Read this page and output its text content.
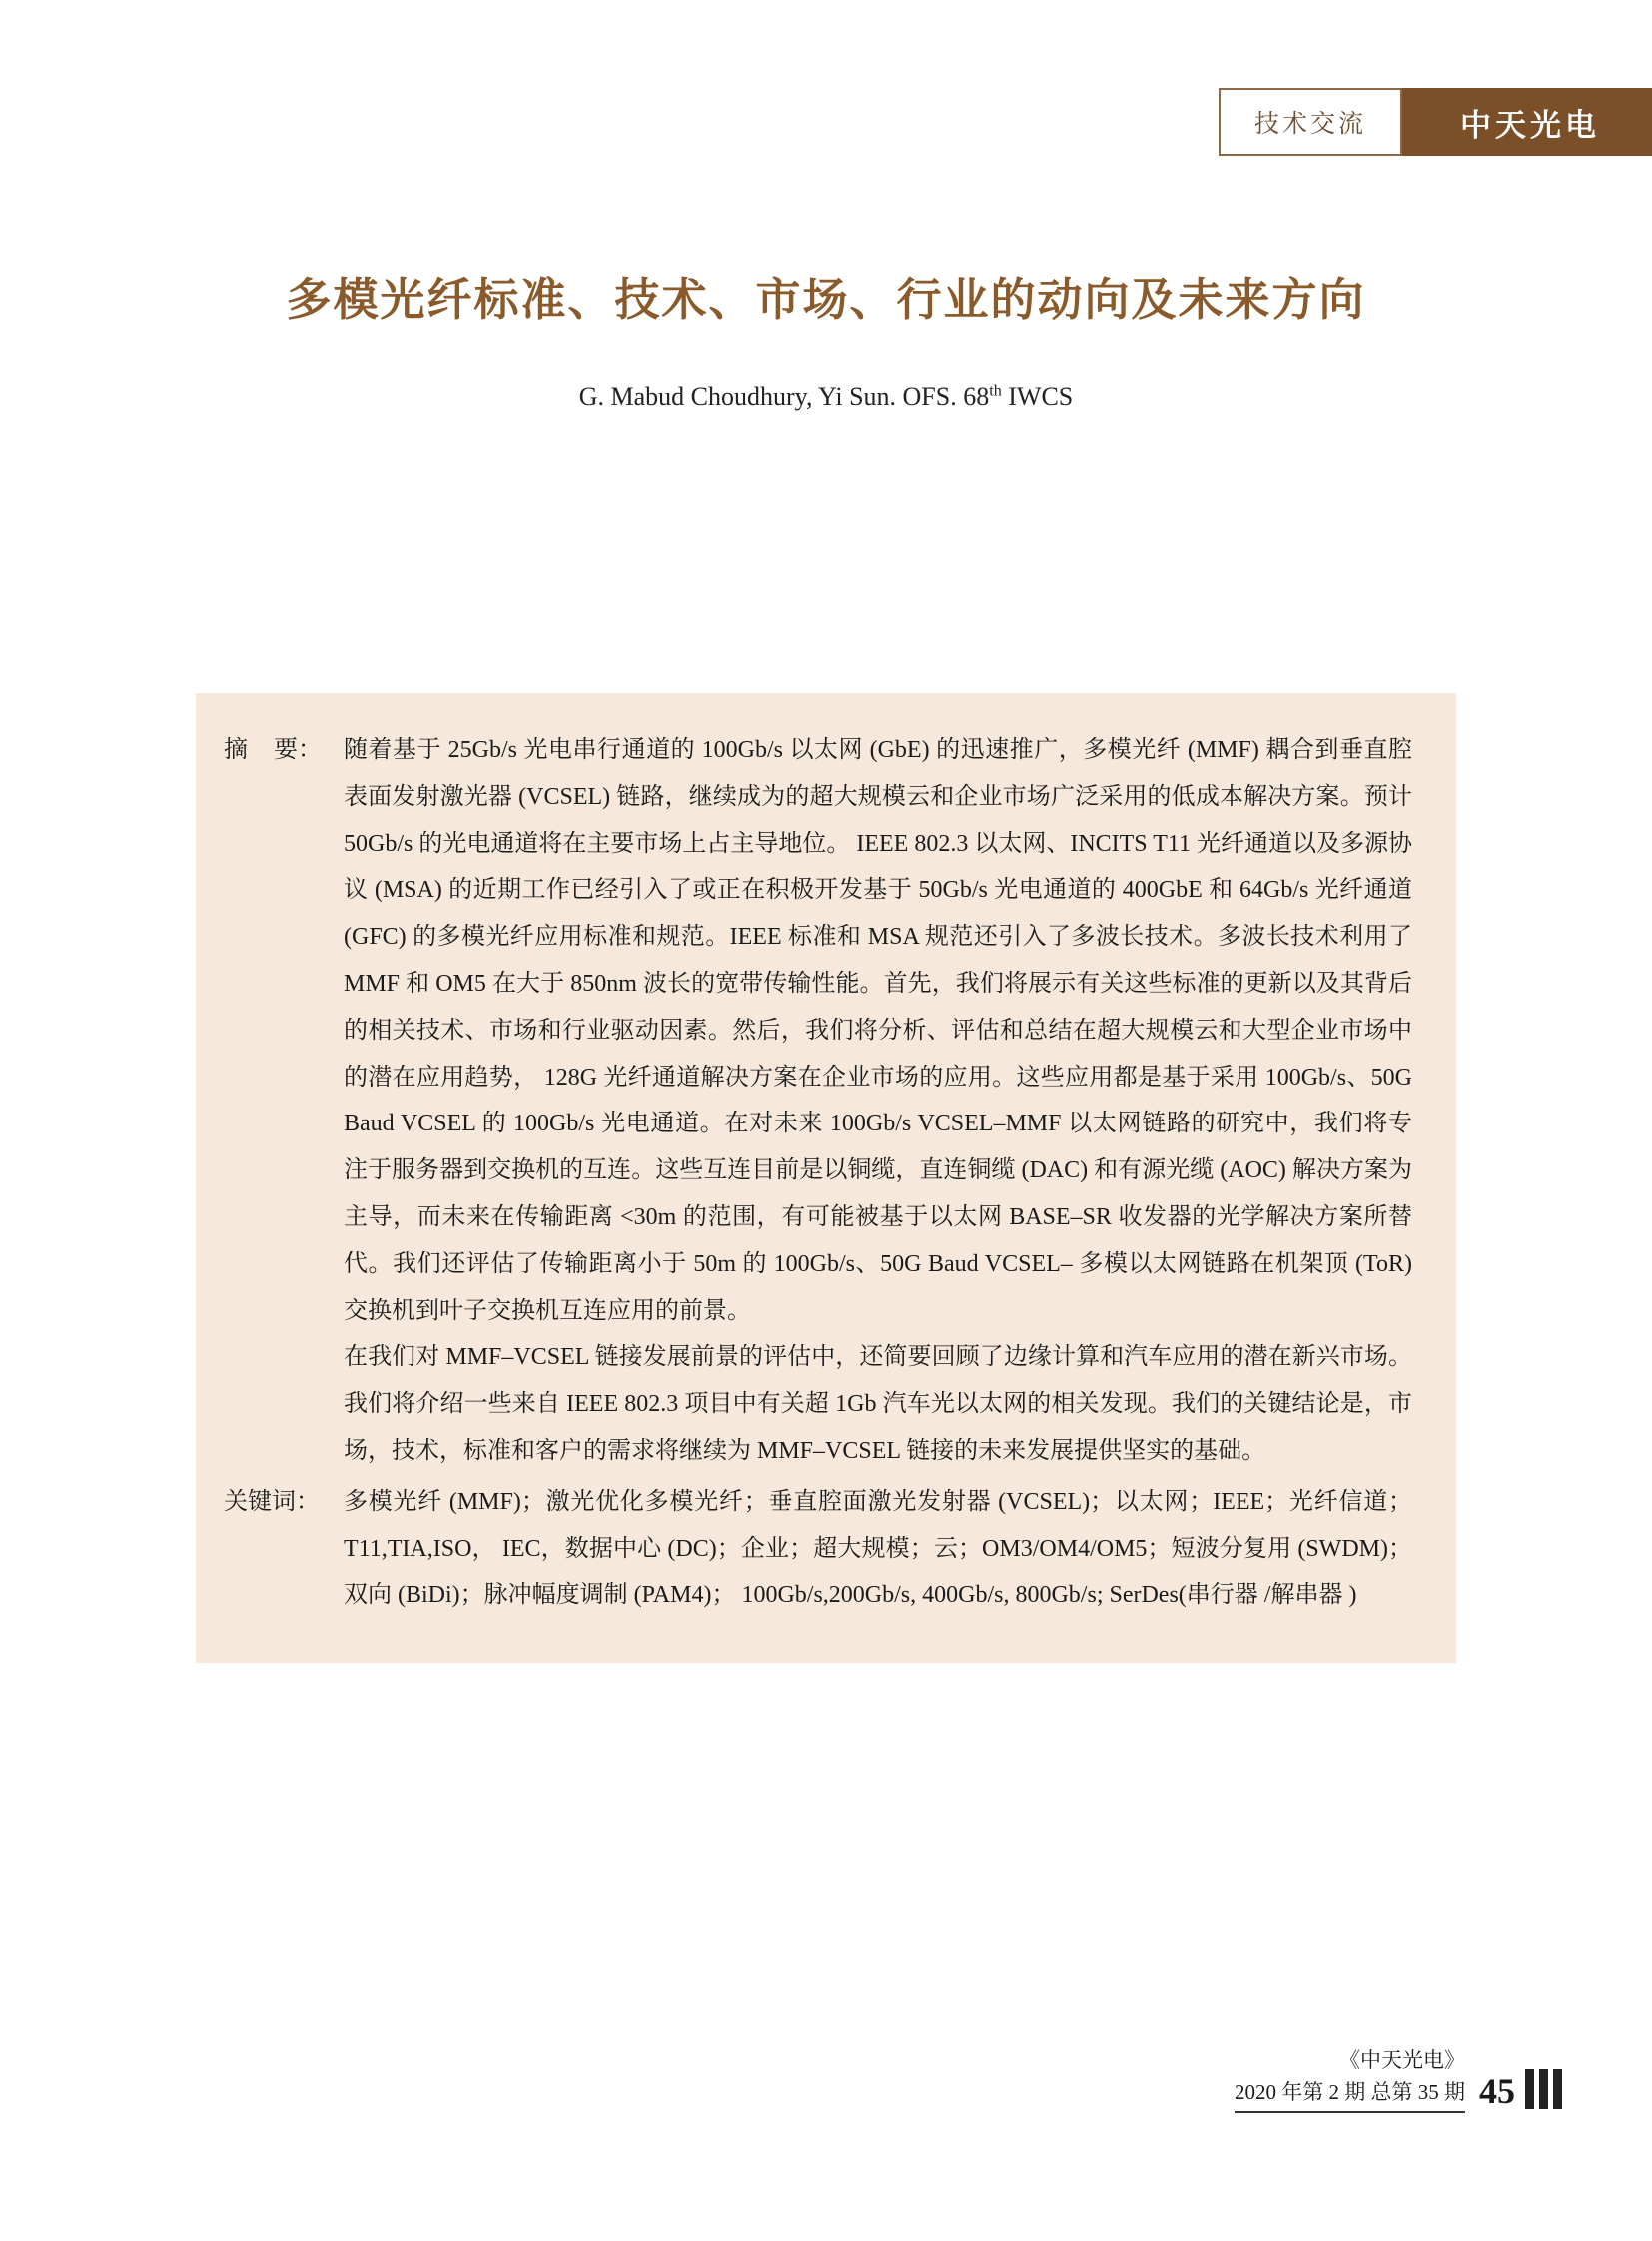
技术交流	中天光电
多模光纤标准、技术、市场、行业的动向及未来方向
G. Mabud Choudhury, Yi Sun. OFS. 68th IWCS
摘 要： 随着基于 25Gb/s 光电串行通道的 100Gb/s 以太网 (GbE) 的迅速推广，多模光纤 (MMF) 耦合到垂直腔表面发射激光器 (VCSEL) 链路，继续成为的超大规模云和企业市场广泛采用的低成本解决方案。预计 50Gb/s 的光电通道将在主要市场上占主导地位。 IEEE 802.3 以太网、INCITS T11 光纤通道以及多源协议 (MSA) 的近期工作已经引入了或正在积极开发基于 50Gb/s 光电通道的 400GbE 和 64Gb/s 光纤通道 (GFC) 的多模光纤应用标准和规范。IEEE 标准和 MSA 规范还引入了多波长技术。多波长技术利用了 MMF 和 OM5 在大于 850nm 波长的宽带传输性能。首先，我们将展示有关这些标准的更新以及其背后的相关技术、市场和行业驱动因素。然后，我们将分析、评估和总结在超大规模云和大型企业市场中的潜在应用趋势， 128G 光纤通道解决方案在企业市场的应用。这些应用都是基于采用 100Gb/s、50G Baud VCSEL 的 100Gb/s 光电通道。在对未来 100Gb/s VCSEL–MMF 以太网链路的研究中，我们将专注于服务器到交换机的互连。这些互连目前是以铜缆，直连铜缆 (DAC) 和有源光缆 (AOC) 解决方案为主导，而未来在传输距离 <30m 的范围，有可能被基于以太网 BASE–SR 收发器的光学解决方案所替代。我们还评估了传输距离小于 50m 的 100Gb/s、50G Baud VCSEL– 多模以太网链路在机架顶 (ToR) 交换机到叶子交换机互连应用的前景。

在我们对 MMF–VCSEL 链接发展前景的评估中，还简要回顾了边缘计算和汽车应用的潜在新兴市场。我们将介绍一些来自 IEEE 802.3 项目中有关超 1Gb 汽车光以太网的相关发现。我们的关键结论是，市场，技术，标准和客户的需求将继续为 MMF–VCSEL 链接的未来发展提供坚实的基础。

关键词：	多模光纤 (MMF)；激光优化多模光纤；垂直腔面激光发射器 (VCSEL)；以太网；IEEE；光纤信道；T11,TIA,ISO， IEC，数据中心 (DC)；企业；超大规模；云；OM3/OM4/OM5；短波分复用 (SWDM)；双向 (BiDi)；脉冲幅度调制 (PAM4)； 100Gb/s,200Gb/s, 400Gb/s, 800Gb/s; SerDes(串行器 /解串器 )
《中天光电》
2020 年第 2 期 总第 35 期 45
